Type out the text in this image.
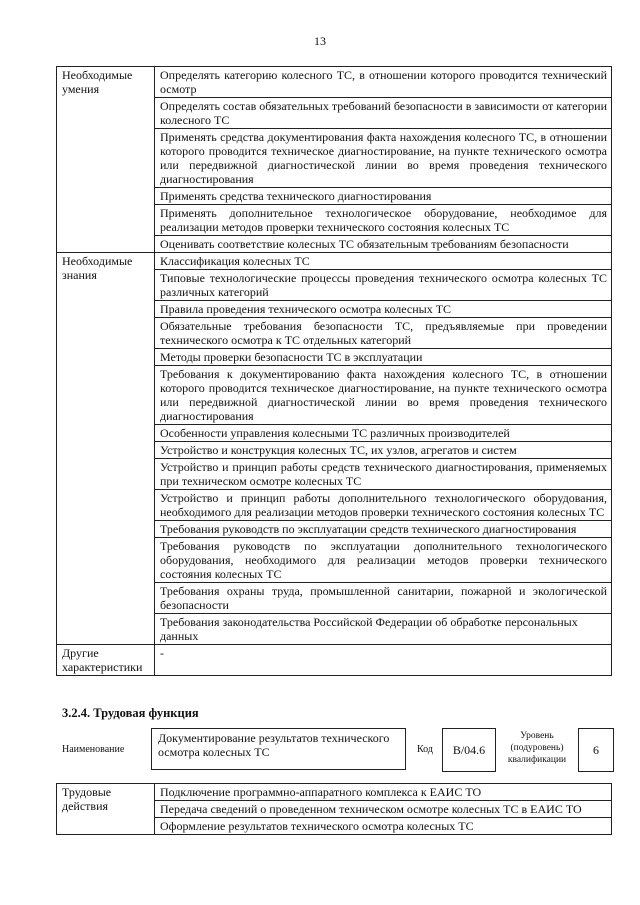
13
Необходимые умения	Определять категорию колесного ТС, в отношении которого проводится технический осмотр
	Определять состав обязательных требований безопасности в зависимости от категории колесного ТС
	Применять средства документирования факта нахождения колесного ТС, в отношении которого проводится техническое диагностирование, на пункте технического осмотра или передвижной диагностической линии во время проведения технического диагностирования
	Применять средства технического диагностирования
	Применять дополнительное технологическое оборудование, необходимое для реализации методов проверки технического состояния колесных ТС
	Оценивать соответствие колесных ТС обязательным требованиям безопасности
Необходимые знания	Классификация колесных ТС
	Типовые технологические процессы проведения технического осмотра колесных ТС различных категорий
	Правила проведения технического осмотра колесных ТС
	Обязательные требования безопасности ТС, предъявляемые при проведении технического осмотра к ТС отдельных категорий
	Методы проверки безопасности ТС в эксплуатации
	Требования к документированию факта нахождения колесного ТС, в отношении которого проводится техническое диагностирование, на пункте технического осмотра или передвижной диагностической линии во время проведения технического диагностирования
	Особенности управления колесными ТС различных производителей
	Устройство и конструкция колесных ТС, их узлов, агрегатов и систем
	Устройство и принцип работы средств технического диагностирования, применяемых при техническом осмотре колесных ТС
	Устройство и принцип работы дополнительного технологического оборудования, необходимого для реализации методов проверки технического состояния колесных ТС
	Требования руководств по эксплуатации средств технического диагностирования
	Требования руководств по эксплуатации дополнительного технологического оборудования, необходимого для реализации методов проверки технического состояния колесных ТС
	Требования охраны труда, промышленной санитарии, пожарной и экологической безопасности
	Требования законодательства Российской Федерации об обработке персональных данных
Другие характеристики	-
3.2.4. Трудовая функция
Наименование
Документирование результатов технического осмотра колесных ТС	Код	В/04.6
Уровень (подуровень) квалификации
6
Трудовые действия	Подключение программно-аппаратного комплекса к ЕАИС ТО
Передача сведений о проведенном техническом осмотре колесных ТС в ЕАИС ТО
Оформление результатов технического осмотра колесных ТС
